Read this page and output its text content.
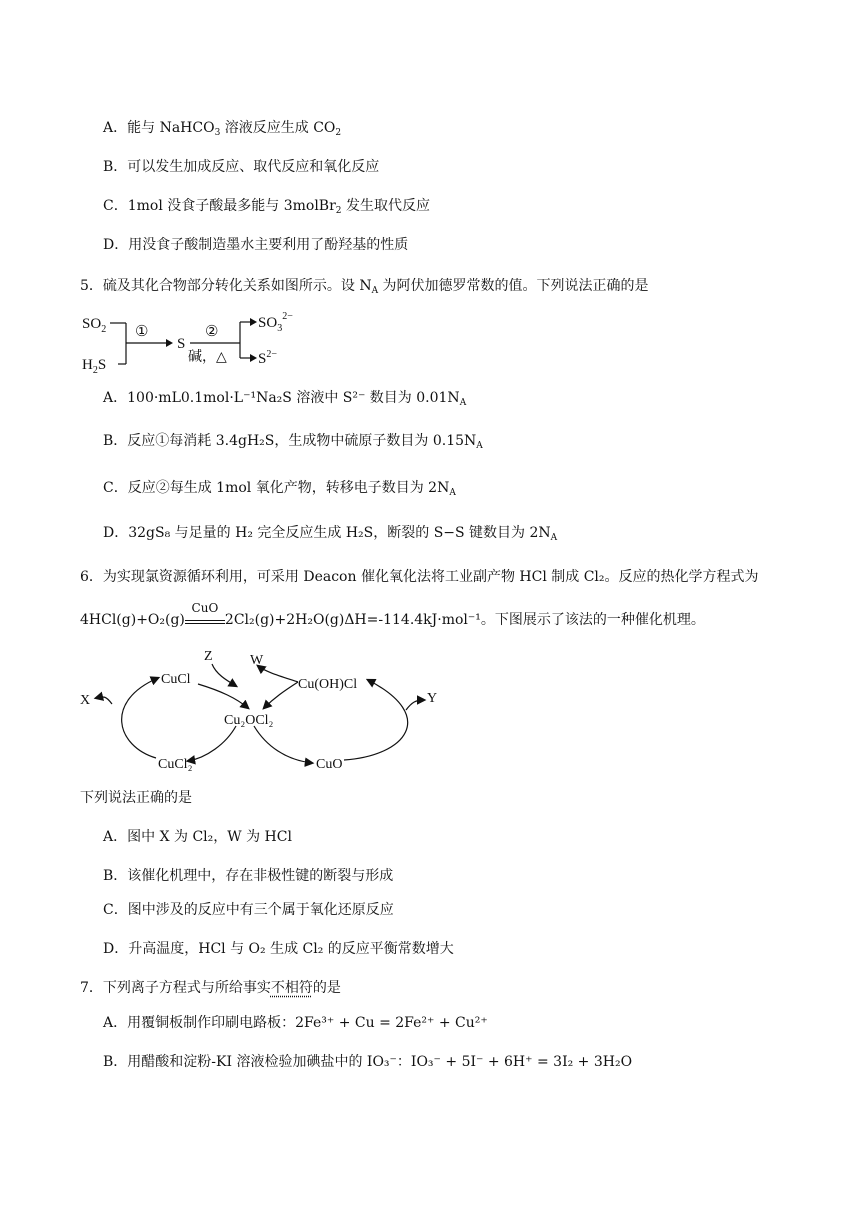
A．能与 NaHCO$_3$ 溶液反应生成 $CO_2$
B．可以发生加成反应、取代反应和氧化反应
C．1mol 没食子酸最多能与 3molBr$_2$ 发生取代反应
D．用没食子酸制造墨水主要利用了酚羟基的性质
5．硫及其化合物部分转化关系如图所示。设 $N_A$ 为阿伏加德罗常数的值。下列说法正确的是
$SO_2$
$H_2S$
①
S
②
碱，△
$SO_3^{2-}$
$S^{2-}$
A．100·mL0.1mol·L⁻¹Na₂S 溶液中 S²⁻ 数目为 $0.01N_A$
B．反应①每消耗 3.4gH₂S，生成物中硫原子数目为 $0.15N_A$
C．反应②每生成 1mol 氧化产物，转移电子数目为 $2N_A$
D．32gS₈ 与足量的 H₂ 完全反应生成 H₂S，断裂的 S−S 键数目为 $2N_A$
6．为实现氯资源循环利用，可采用 Deacon 催化氧化法将工业副产物 HCl 制成 Cl₂。反应的热化学方程式为
4HCl(g)+O₂(g)
CuO
2Cl₂(g)+2H₂O(g)ΔH=-114.4kJ·mol⁻¹。下图展示了该法的一种催化机理。
CuCl	Cu(OH)Cl
Cu₂OCl₂
CuCl₂	CuO
X	Y
Z	W
下列说法正确的是
A．图中 X 为 Cl₂，W 为 HCl
B．该催化机理中，存在非极性键的断裂与形成
C．图中涉及的反应中有三个属于氧化还原反应
D．升高温度，HCl 与 O₂ 生成 Cl₂ 的反应平衡常数增大
7．下列离子方程式与所给事实不相符的是
A．用覆铜板制作印刷电路板：2Fe³⁺ + Cu = 2Fe²⁺ + Cu²⁺
B．用醋酸和淀粉-KI 溶液检验加碘盐中的 IO₃⁻：IO₃⁻ + 5I⁻ + 6H⁺ = 3I₂ + 3H₂O
